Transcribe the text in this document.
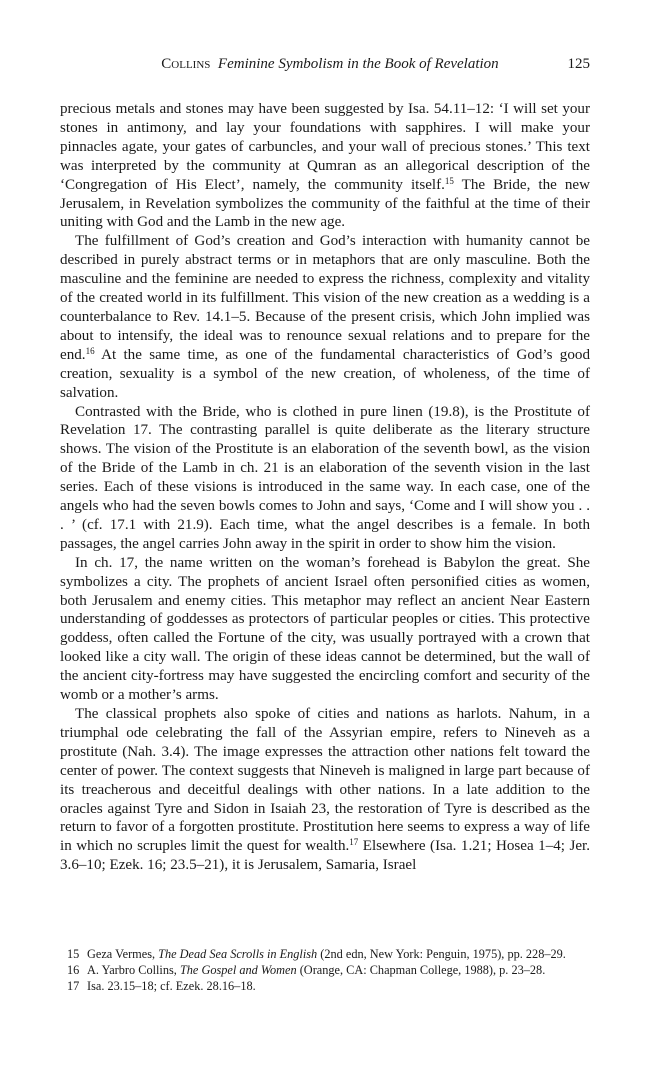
Collins Feminine Symbolism in the Book of Revelation	125

precious metals and stones may have been suggested by Isa. 54.11–12: ‘I will set your stones in antimony, and lay your foundations with sapphires. I will make your pinnacles agate, your gates of carbuncles, and your wall of precious stones.’ This text was interpreted by the community at Qumran as an allegorical description of the ‘Congregation of His Elect’, namely, the community itself.$^{15}$ The Bride, the new Jerusalem, in Revelation symbolizes the community of the faithful at the time of their uniting with God and the Lamb in the new age.

The fulfillment of God’s creation and God’s interaction with humanity cannot be described in purely abstract terms or in metaphors that are only masculine. Both the masculine and the feminine are needed to express the richness, complexity and vitality of the created world in its fulfillment. This vision of the new creation as a wedding is a counterbalance to Rev. 14.1–5. Because of the present crisis, which John implied was about to intensify, the ideal was to renounce sexual relations and to prepare for the end.$^{16}$ At the same time, as one of the fundamental characteristics of God’s good creation, sexuality is a symbol of the new creation, of wholeness, of the time of salvation.

Contrasted with the Bride, who is clothed in pure linen (19.8), is the Prostitute of Revelation 17. The contrasting parallel is quite deliberate as the literary structure shows. The vision of the Prostitute is an elaboration of the seventh bowl, as the vision of the Bride of the Lamb in ch. 21 is an elaboration of the seventh vision in the last series. Each of these visions is introduced in the same way. In each case, one of the angels who had the seven bowls comes to John and says, ‘Come and I will show you . . . ’ (cf. 17.1 with 21.9). Each time, what the angel describes is a female. In both passages, the angel carries John away in the spirit in order to show him the vision.

In ch. 17, the name written on the woman’s forehead is Babylon the great. She symbolizes a city. The prophets of ancient Israel often personified cities as women, both Jerusalem and enemy cities. This metaphor may reflect an ancient Near Eastern understanding of goddesses as protectors of particular peoples or cities. This protective goddess, often called the Fortune of the city, was usually portrayed with a crown that looked like a city wall. The origin of these ideas cannot be determined, but the wall of the ancient city-fortress may have suggested the encircling comfort and security of the womb or a mother’s arms.

The classical prophets also spoke of cities and nations as harlots. Nahum, in a triumphal ode celebrating the fall of the Assyrian empire, refers to Nineveh as a prostitute (Nah. 3.4). The image expresses the attraction other nations felt toward the center of power. The context suggests that Nineveh is maligned in large part because of its treacherous and deceitful dealings with other nations. In a late addition to the oracles against Tyre and Sidon in Isaiah 23, the restoration of Tyre is described as the return to favor of a forgotten prostitute. Prostitution here seems to express a way of life in which no scruples limit the quest for wealth.$^{17}$ Elsewhere (Isa. 1.21; Hosea 1–4; Jer. 3.6–10; Ezek. 16; 23.5–21), it is Jerusalem, Samaria, Israel

15 Geza Vermes, The Dead Sea Scrolls in English (2nd edn, New York: Penguin, 1975), pp. 228–29.
16 A. Yarbro Collins, The Gospel and Women (Orange, CA: Chapman College, 1988), p. 23–28.
17 Isa. 23.15–18; cf. Ezek. 28.16–18.
